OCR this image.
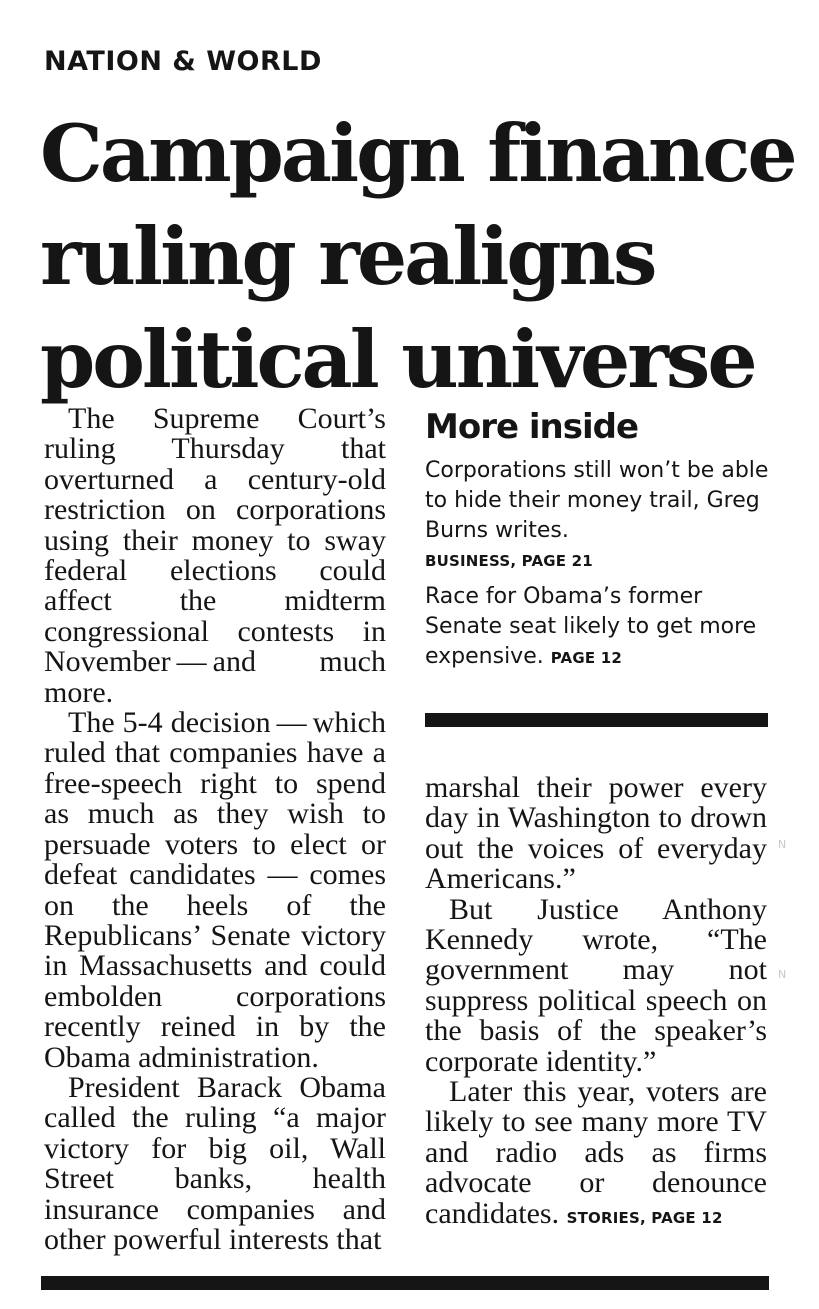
NATION & WORLD
Campaign finance
ruling realigns
political universe

The Supreme Court’s ruling Thursday that overturned a century-old restriction on corporations using their money to sway federal elections could affect the midterm congressional contests in November — and much more.

The 5-4 decision — which ruled that companies have a free-speech right to spend as much as they wish to persuade voters to elect or defeat candidates — comes on the heels of the Republicans’ Senate victory in Massachusetts and could embolden corporations recently reined in by the Obama administration.

President Barack Obama called the ruling “a major victory for big oil, Wall Street banks, health insurance companies and other powerful interests that

More inside

Corporations still won’t be able to hide their money trail, Greg Burns writes.

BUSINESS, PAGE 21

Race for Obama’s former Senate seat likely to get more expensive. PAGE 12

marshal their power every day in Washington to drown out the voices of everyday Americans.”

But Justice Anthony Kennedy wrote, “The government may not suppress political speech on the basis of the speaker’s corporate identity.”

Later this year, voters are likely to see many more TV and radio ads as firms advocate or denounce candidates. STORIES, PAGE 12

N
N
